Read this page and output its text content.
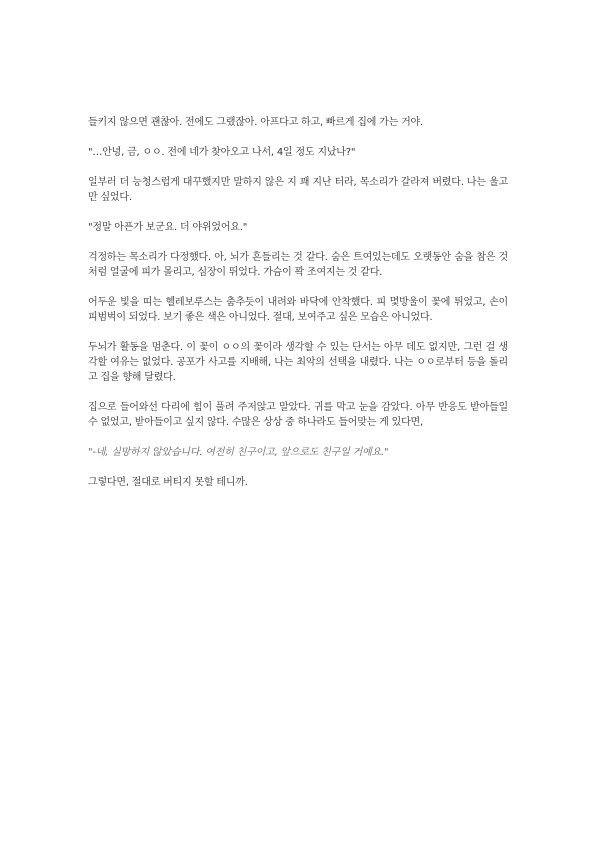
들키지 않으면 괜찮아. 전에도 그랬잖아. 아프다고 하고, 빠르게 집에 가는 거야.

"…안녕, 금, ㅇㅇ. 전에 네가 찾아오고 나서, 4일 정도 지났나?"

일부러 더 능청스럽게 대꾸했지만 말하지 않은 지 꽤 지난 터라, 목소리가 갈라져 버렸다. 나는 울고만 싶었다.

"정말 아픈가 보군요. 더 야위었어요."

걱정하는 목소리가 다정했다. 아, 뇌가 흔들리는 것 같다. 숨은 트여있는데도 오랫동안 숨을 참은 것처럼 얼굴에 피가 몰리고, 심장이 뛰었다. 가슴이 꽉 조여지는 것 같다.

어두운 빛을 띠는 헬레보루스는 춤추듯이 내려와 바닥에 안착했다. 피 몇방울이 꽃에 튀었고, 손이 피범벅이 되었다. 보기 좋은 색은 아니었다. 절대, 보여주고 싶은 모습은 아니었다.

두뇌가 활동을 멈춘다. 이 꽃이 ㅇㅇ의 꽃이라 생각할 수 있는 단서는 아무 데도 없지만, 그런 걸 생각할 여유는 없었다. 공포가 사고를 지배해, 나는 최악의 선택을 내렸다. 나는 ㅇㅇ로부터 등을 돌리고 집을 향해 달렸다.

집으로 들어와선 다리에 힘이 풀려 주저앉고 말았다. 귀를 막고 눈을 감았다. 아무 반응도 받아들일 수 없었고, 받아들이고 싶지 않다. 수많은 상상 중 하나라도 들어맞는 게 있다면,

"-네, 실망하지 않았습니다. 여전히 친구이고, 앞으로도 친구일 거예요."

그렇다면, 절대로 버티지 못할 테니까.
